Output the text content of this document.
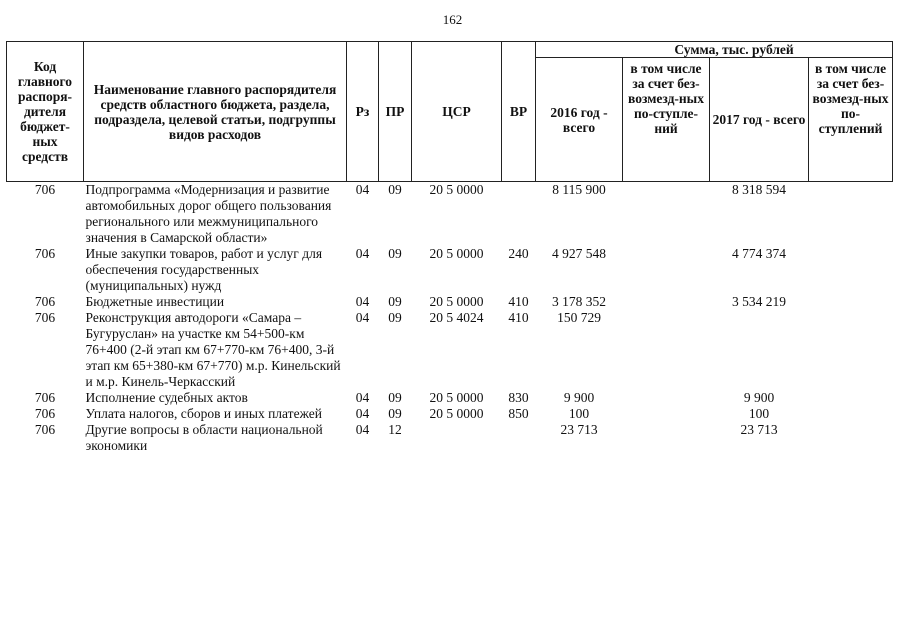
162
Код главного распоря-дителя бюджет-ных средств	Наименование главного распорядителя средств областного бюджета, раздела, подраздела, целевой статьи, подгруппы видов расходов	Рз	ПР	ЦСР	ВР	Сумма, тыс. рублей			
						2016 год - всего	в том числе за счет без-возмезд-ных по-ступле-ний	2017 год - всего	в том числе за счет без-возмезд-ных по-ступлений
706	Подпрограмма «Модернизация и развитие автомобильных дорог общего пользования регионального или межмуниципального значения в Самарской области»	04	09	20 5 0000		8 115 900		8 318 594	
706	Иные закупки товаров, работ и услуг для обеспечения государственных (муниципальных) нужд	04	09	20 5 0000	240	4 927 548		4 774 374	
706	Бюджетные инвестиции	04	09	20 5 0000	410	3 178 352		3 534 219	
706	Реконструкция автодороги «Самара – Бугуруслан» на участке км 54+500-км 76+400 (2-й этап км 67+770-км 76+400, 3-й этап км 65+380-км 67+770) м.р. Кинельский и м.р. Кинель-Черкасский	04	09	20 5 4024	410	150 729			
706	Исполнение судебных актов	04	09	20 5 0000	830	9 900		9 900	
706	Уплата налогов, сборов и иных платежей	04	09	20 5 0000	850	100		100	
706	Другие вопросы в области национальной экономики	04	12			23 713		23 713	
